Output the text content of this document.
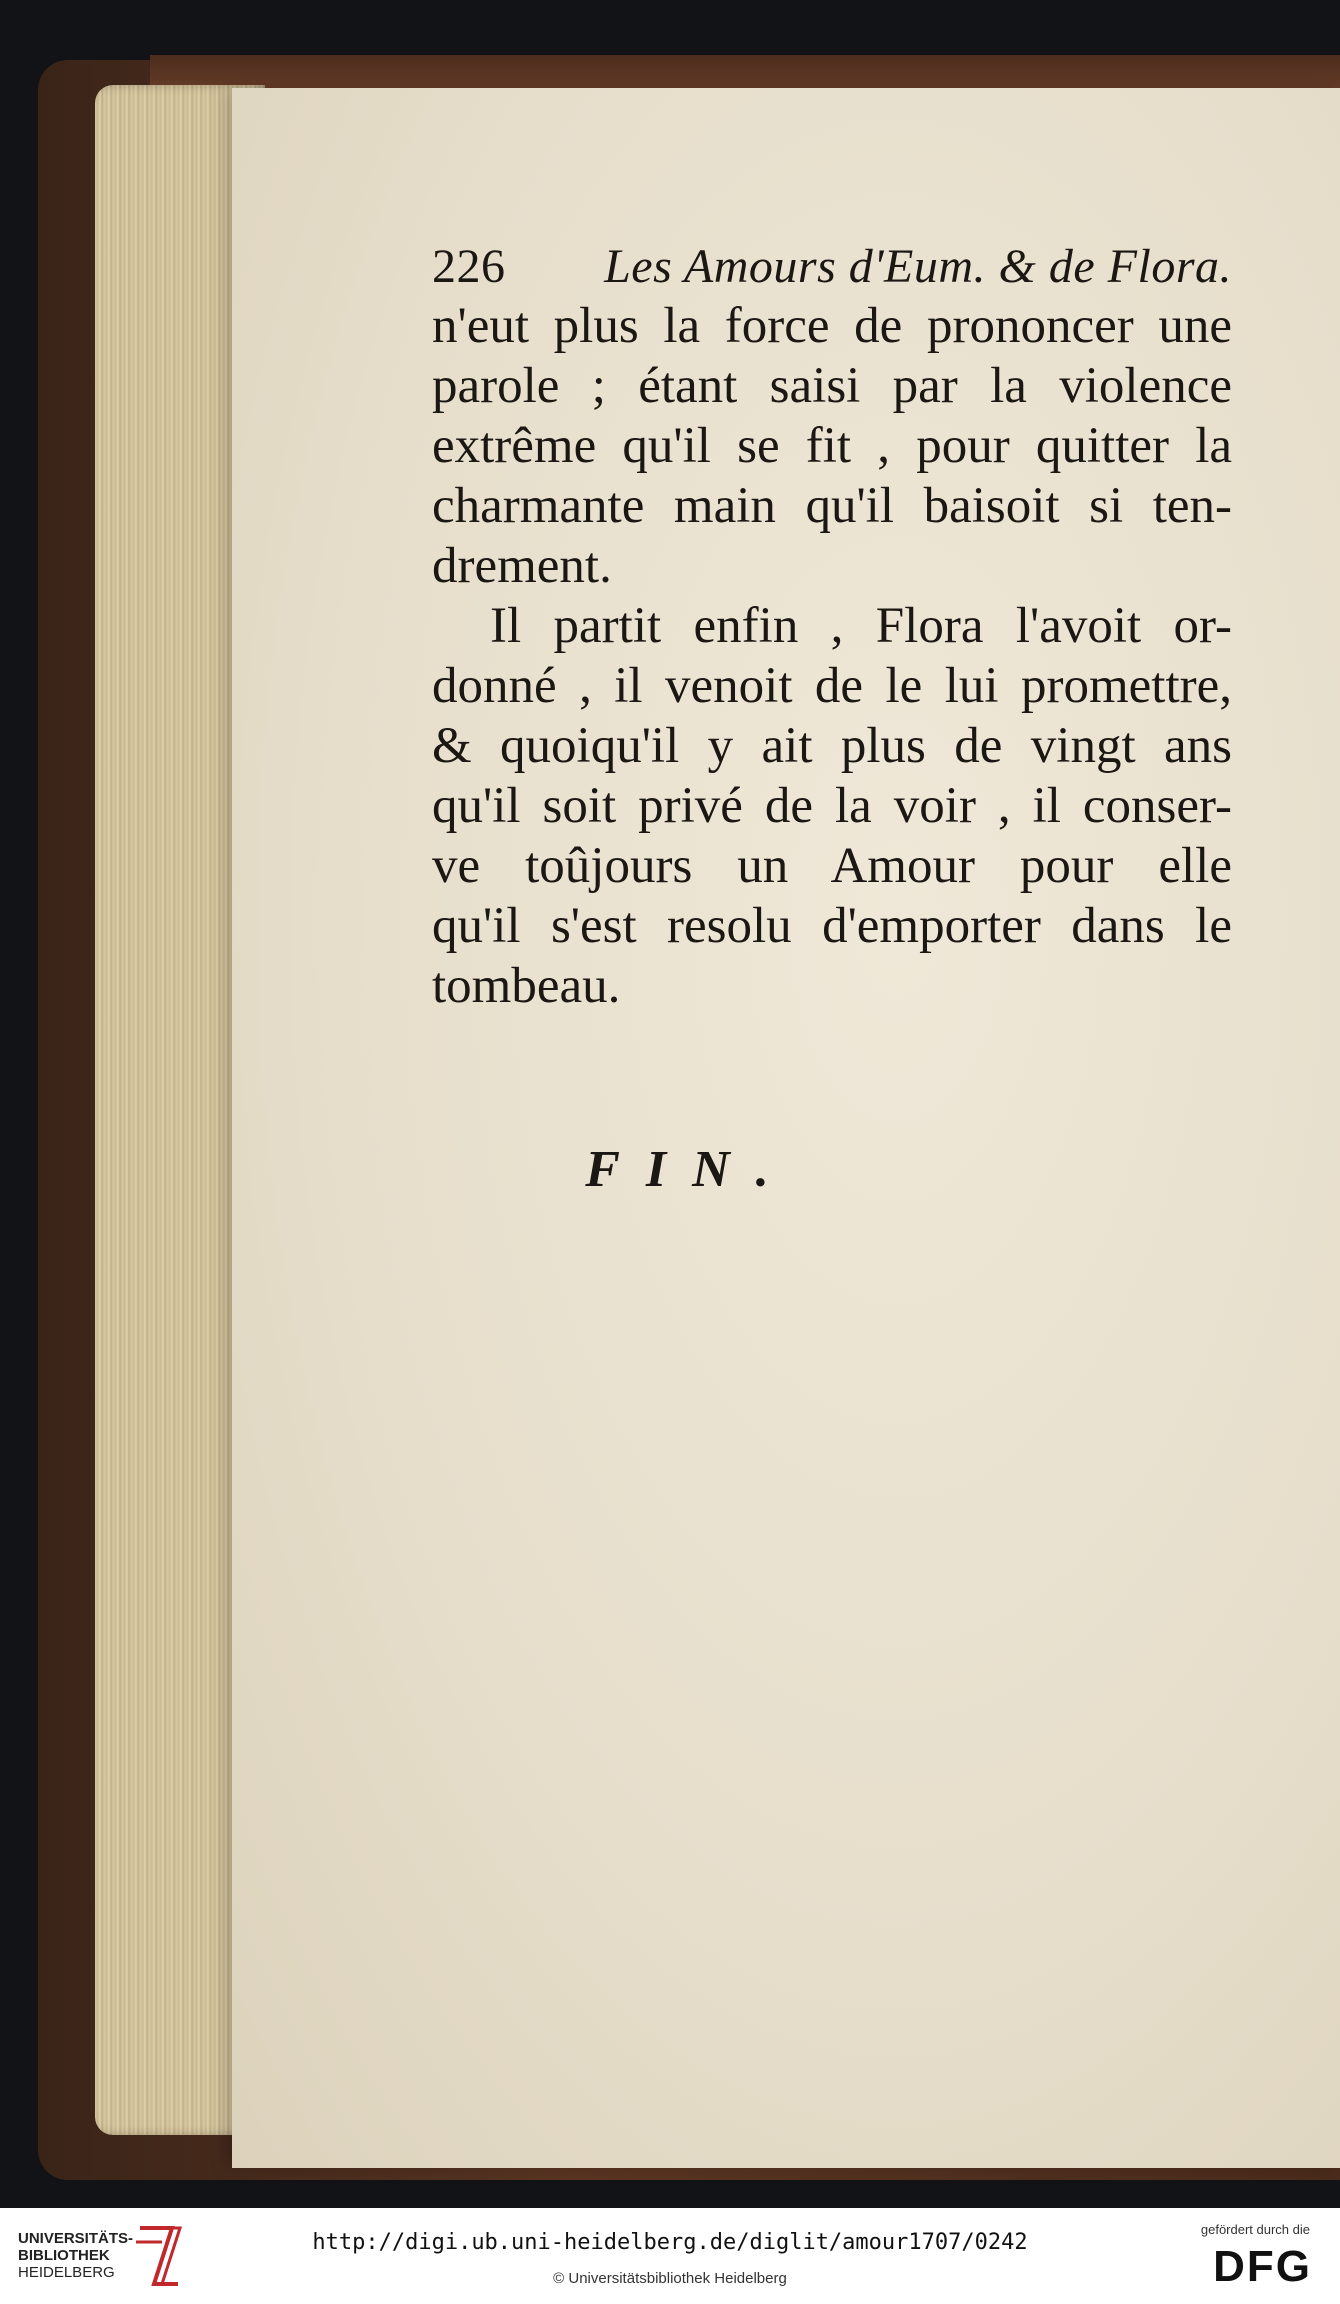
226 Les Amours d'Eum. & de Flora.
n'eut plus la force de prononcer une
parole ; étant saisi par la violence
extrême qu'il se fit , pour quitter la
charmante main qu'il baisoit si ten-
drement.
Il partit enfin , Flora l'avoit or-
donné , il venoit de le lui promettre,
& quoiqu'il y ait plus de vingt ans
qu'il soit privé de la voir , il conser-
ve toûjours un Amour pour elle
qu'il s'est resolu d'emporter dans le
tombeau.
FIN.
UNIVERSITÄTS-
BIBLIOTHEK
HEIDELBERG
http://digi.ub.uni-heidelberg.de/diglit/amour1707/0242
© Universitätsbibliothek Heidelberg
gefördert durch die
DFG
